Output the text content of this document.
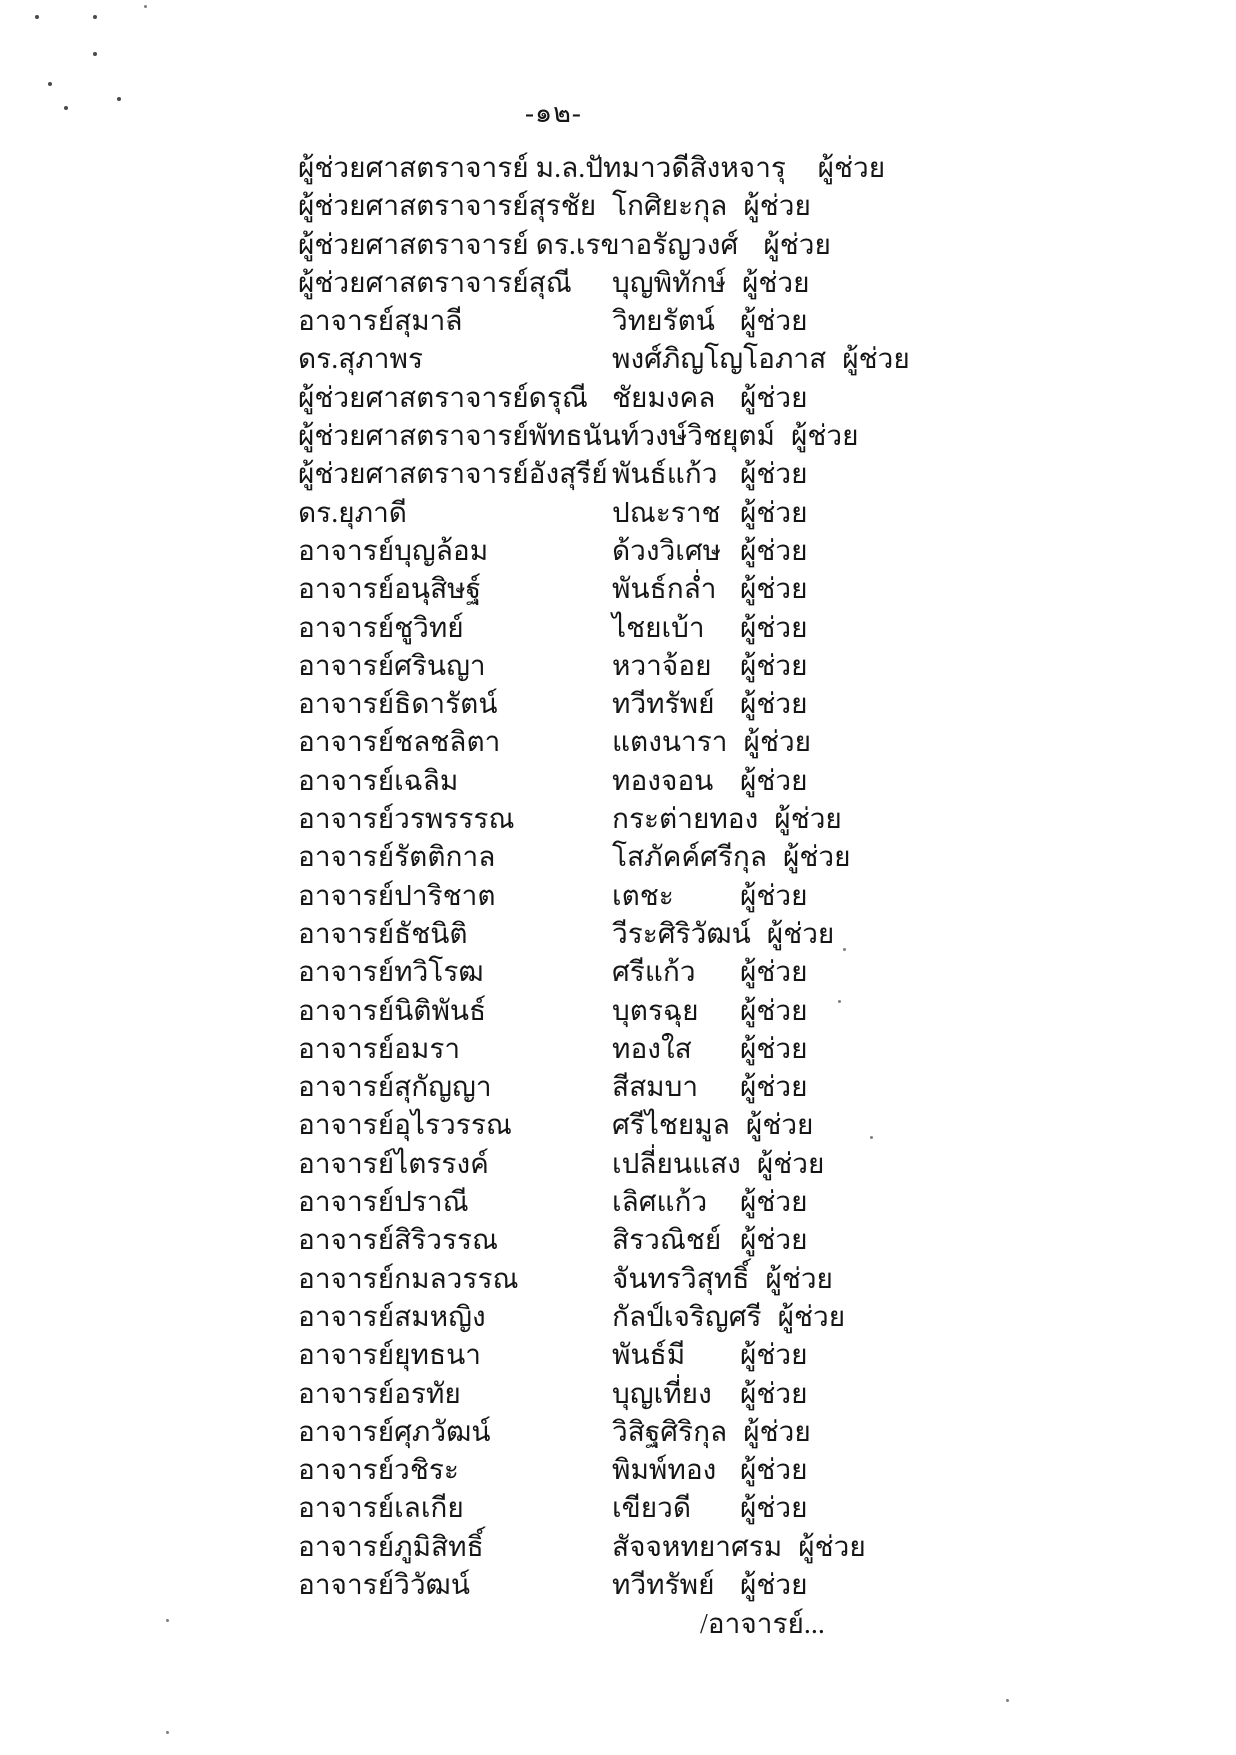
-๑๒-
ผู้ช่วยศาสตราจารย์ ม.ล.ปัทมาวดี สิงหจารุ	ผู้ช่วย
ผู้ช่วยศาสตราจารย์สุรชัย โกศิยะกุล ผู้ช่วย
ผู้ช่วยศาสตราจารย์ ดร.เรขา อรัญวงศ์ ผู้ช่วย
ผู้ช่วยศาสตราจารย์สุณี	บุญพิทักษ์ ผู้ช่วย
อาจารย์สุมาลี	วิทยรัตน์ ผู้ช่วย
ดร.สุภาพร	พงศ์ภิญโญโอภาส ผู้ช่วย
ผู้ช่วยศาสตราจารย์ดรุณี ชัยมงคล ผู้ช่วย
ผู้ช่วยศาสตราจารย์พัทธนันท์ วงษ์วิชยุตม์ ผู้ช่วย
ผู้ช่วยศาสตราจารย์อังสุรีย์ พันธ์แก้ว ผู้ช่วย
ดร.ยุภาดี	ปณะราช ผู้ช่วย
อาจารย์บุญล้อม	ด้วงวิเศษ ผู้ช่วย
อาจารย์อนุสิษฐ์	พันธ์กล่ำ ผู้ช่วย
อาจารย์ชูวิทย์	ไชยเบ้า	ผู้ช่วย
อาจารย์ศรินญา	หวาจ้อย	ผู้ช่วย
อาจารย์ธิดารัตน์	ทวีทรัพย์ ผู้ช่วย
อาจารย์ชลชลิตา	แตงนารา ผู้ช่วย
อาจารย์เฉลิม	ทองจอน ผู้ช่วย
อาจารย์วรพรรรณ	กระต่ายทอง ผู้ช่วย
อาจารย์รัตติกาล	โสภัคค์ศรีกุล ผู้ช่วย
อาจารย์ปาริชาต	เตชะ	ผู้ช่วย
อาจารย์ธัชนิติ	วีระศิริวัฒน์ ผู้ช่วย
อาจารย์ทวิโรฒ	ศรีแก้ว	ผู้ช่วย
อาจารย์นิติพันธ์	บุตรฉุย	ผู้ช่วย
อาจารย์อมรา	ทองใส	ผู้ช่วย
อาจารย์สุกัญญา	สีสมบา	ผู้ช่วย
อาจารย์อุไรวรรณ	ศรีไชยมูล ผู้ช่วย
อาจารย์ไตรรงค์	เปลี่ยนแสง ผู้ช่วย
อาจารย์ปราณี	เลิศแก้ว	ผู้ช่วย
อาจารย์สิริวรรณ	สิรวณิชย์ ผู้ช่วย
อาจารย์กมลวรรณ	จันทรวิสุทธิ์ ผู้ช่วย
อาจารย์สมหญิง	กัลป์เจริญศรี ผู้ช่วย
อาจารย์ยุทธนา	พันธ์มี	ผู้ช่วย
อาจารย์อรทัย	บุญเที่ยง	ผู้ช่วย
อาจารย์ศุภวัฒน์	วิสิฐศิริกุล ผู้ช่วย
อาจารย์วชิระ	พิมพ์ทอง ผู้ช่วย
อาจารย์เลเกีย	เขียวดี	ผู้ช่วย
อาจารย์ภูมิสิทธิ์	สัจจหทยาศรม ผู้ช่วย
อาจารย์วิวัฒน์	ทวีทรัพย์ ผู้ช่วย
/อาจารย์...
